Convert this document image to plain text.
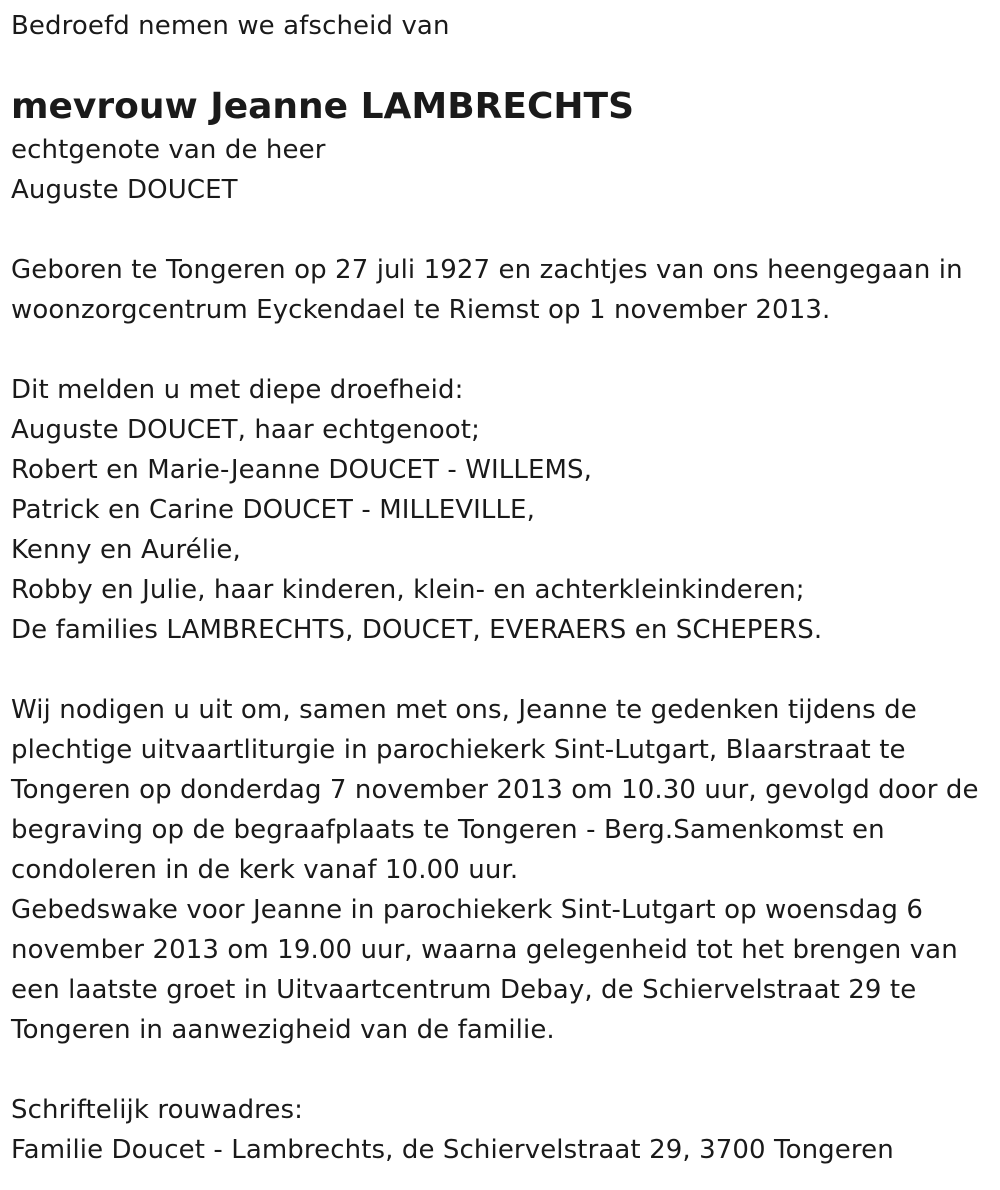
Bedroefd nemen we afscheid van
mevrouw Jeanne LAMBRECHTS
echtgenote van de heer
Auguste DOUCET
Geboren te Tongeren op 27 juli 1927 en zachtjes van ons heengegaan in
woonzorgcentrum Eyckendael te Riemst op 1 november 2013.
Dit melden u met diepe droefheid:
Auguste DOUCET, haar echtgenoot;
Robert en Marie-Jeanne DOUCET - WILLEMS,
Patrick en Carine DOUCET - MILLEVILLE,
Kenny en Aurélie,
Robby en Julie, haar kinderen, klein- en achterkleinkinderen;
De families LAMBRECHTS, DOUCET, EVERAERS en SCHEPERS.
Wij nodigen u uit om, samen met ons, Jeanne te gedenken tijdens de
plechtige uitvaartliturgie in parochiekerk Sint-Lutgart, Blaarstraat te
Tongeren op donderdag 7 november 2013 om 10.30 uur, gevolgd door de
begraving op de begraafplaats te Tongeren - Berg.Samenkomst en
condoleren in de kerk vanaf 10.00 uur.
Gebedswake voor Jeanne in parochiekerk Sint-Lutgart op woensdag 6
november 2013 om 19.00 uur, waarna gelegenheid tot het brengen van
een laatste groet in Uitvaartcentrum Debay, de Schiervelstraat 29 te
Tongeren in aanwezigheid van de familie.
Schriftelijk rouwadres:
Familie Doucet - Lambrechts, de Schiervelstraat 29, 3700 Tongeren
